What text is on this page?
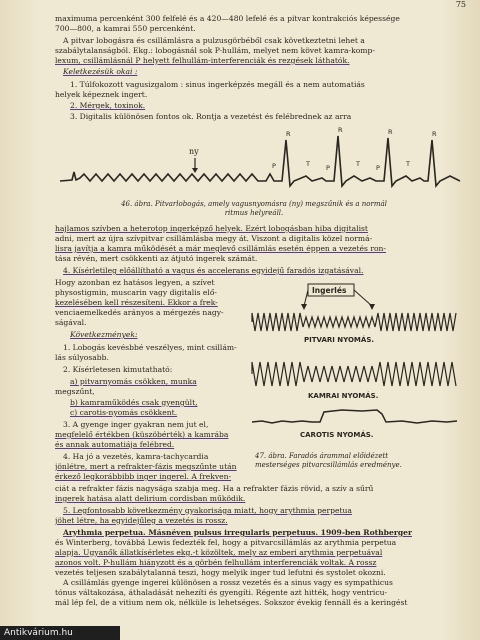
75
maximuma percenként 300 felfelé és a 420—480 lefelé és a pitvar kontrakciós képessége
700—800, a kamrai 550 percenként.
A pitvar lobogásra és csillámlásra a pulzusgörbéből csak következtetni lehet a
szabálytalanságból. Ekg.: lobogásnál sok P-hullám, melyet nem követ kamra-komp-
lexum, csillámlásnál P helyett felhullám-interferenciák és rezgések láthatók.
Keletkezésük okai :
1. Túlfokozott vagusizgalom : sinus ingerképzés megáll és a nem automatiás
helyek képeznek ingert.
2. Mérgek, toxinok.
3. Digitalis különösen fontos ok. Rontja a vezetést és felébrednek az arra
ny
R	R	R	R
P	T P	T P	T
46. ábra. Pitvarlobogás, amely vagusnyomásra (ny) megszűnik és a normál
ritmus helyreáll.
hajlamos szívben a heterotop ingerképző helyek. Ezért lobogásban hiba digitalist
adni, mert az újra szívpitvar csillámlásba megy át. Viszont a digitalis közel normá-
lisra javítja a kamra működését a már meglevő csillámlás esetén éppen a vezetés ron-
tása révén, mert csökkenti az átjutó ingerek számát.
4. Kísérletileg előállítható a vagus és accelerans egyidejű faradós izgatásával.
Hogy azonban ez hatásos legyen, a szívet
physostigmin, muscarin vagy digitalis elő-
kezelésében kell részesíteni. Ekkor a frek-
venciaemelkedés arányos a mérgezés nagy-
ságával.
Következmények:
1. Lobogás kevésbbé veszélyes, mint csillám-
lás súlyosabb.
2. Kísérletesen kimutatható:
a) pitvarnyomás csökken, munka
megszűnt,
b) kamraműködés csak gyengült,
c) carotis-nyomás csökkent.
3. A gyenge inger gyakran nem jut el,
megfelelő értékben (küszöbérték) a kamrába
és annak automatiája felébred.
4. Ha jó a vezetés, kamra-tachycardia
jönlétre, mert a refrakter-fázis megszűnte után
érkező legkorábbibb inger ingerel. A frekven-
Ingerlés
PITVARI NYOMÁS.
KAMRAI NYOMÁS.
CAROTIS NYOMÁS.
47. ábra. Faradós árammal előidézett
mesterséges pitvarcsillámlás eredménye.
ciát a refrakter fázis nagysága szabja meg. Ha a refrakter fázis rövid, a szív a sűrű
ingerek hatása alatt delirium cordisban működik.
5. Legfontosabb következmény gyakorisága miatt, hogy arythmia perpetua
jöhet létre, ha egyidejűleg a vezetés is rossz.
Arythmia perpetua. Másnéven pulsus irregularis perpetuus. 1909-ben Rothberger
és Winterberg, továbbá Lewis fedezték fel, hogy a pitvarcsillámlás az arythmia perpetua
alapja. Ugyanők állatkísérletes ekg.-t közöltek, mely az emberi arythmia perpetuával
azonos volt. P-hullám hiányzott és a görbén felhullám interferenciák voltak. A rossz
vezetés teljesen szabálytalanná teszi, hogy melyik inger tud lefutni és systolet okozni.
A csillámlás gyenge ingerei különösen a rossz vezetés és a sinus vagy es sympathicus
tónus váltakozása, áthaladását nehezíti és gyengíti. Régente azt hitték, hogy ventricu-
mál lép fel, de a vitium nem ok, nélküle is lehetséges. Sokszor évekig fennáll és a keringést
Antikvárium.hu
